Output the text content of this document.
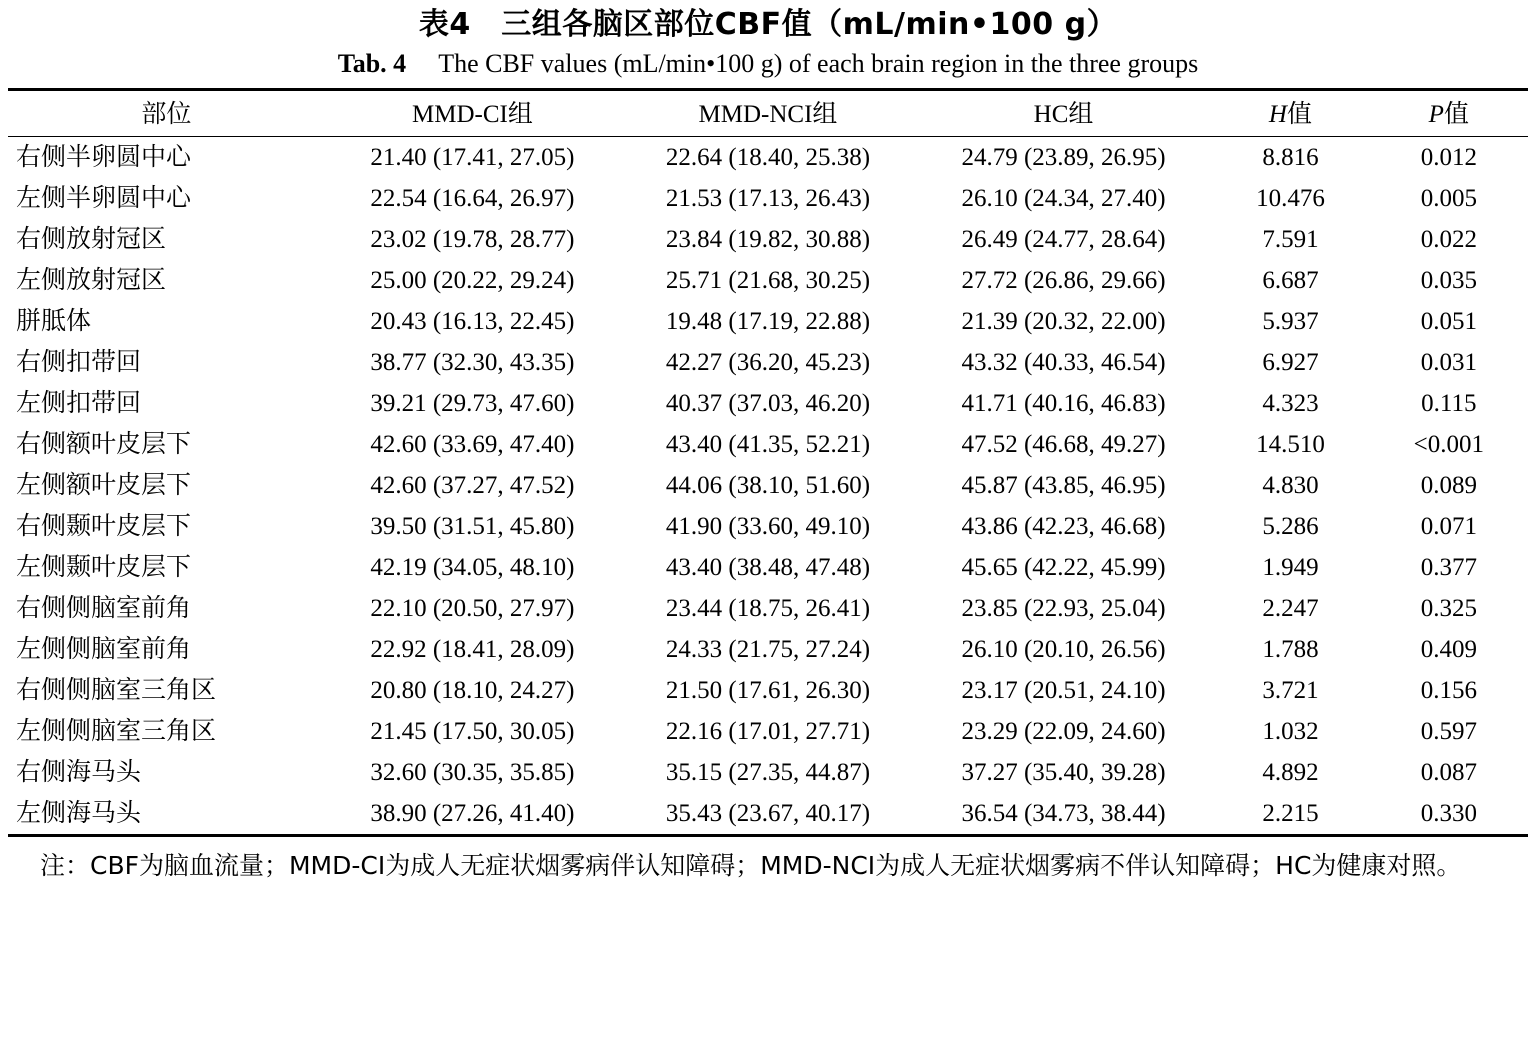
表4　三组各脑区部位CBF值（mL/min•100 g）
Tab. 4 The CBF values (mL/min•100 g) of each brain region in the three groups
部位	MMD-CI组	MMD-NCI组	HC组	H值	P值
右侧半卵圆中心	21.40 (17.41, 27.05)	22.64 (18.40, 25.38)	24.79 (23.89, 26.95)	8.816	0.012
左侧半卵圆中心	22.54 (16.64, 26.97)	21.53 (17.13, 26.43)	26.10 (24.34, 27.40)	10.476	0.005
右侧放射冠区	23.02 (19.78, 28.77)	23.84 (19.82, 30.88)	26.49 (24.77, 28.64)	7.591	0.022
左侧放射冠区	25.00 (20.22, 29.24)	25.71 (21.68, 30.25)	27.72 (26.86, 29.66)	6.687	0.035
胼胝体	20.43 (16.13, 22.45)	19.48 (17.19, 22.88)	21.39 (20.32, 22.00)	5.937	0.051
右侧扣带回	38.77 (32.30, 43.35)	42.27 (36.20, 45.23)	43.32 (40.33, 46.54)	6.927	0.031
左侧扣带回	39.21 (29.73, 47.60)	40.37 (37.03, 46.20)	41.71 (40.16, 46.83)	4.323	0.115
右侧额叶皮层下	42.60 (33.69, 47.40)	43.40 (41.35, 52.21)	47.52 (46.68, 49.27)	14.510	<0.001
左侧额叶皮层下	42.60 (37.27, 47.52)	44.06 (38.10, 51.60)	45.87 (43.85, 46.95)	4.830	0.089
右侧颞叶皮层下	39.50 (31.51, 45.80)	41.90 (33.60, 49.10)	43.86 (42.23, 46.68)	5.286	0.071
左侧颞叶皮层下	42.19 (34.05, 48.10)	43.40 (38.48, 47.48)	45.65 (42.22, 45.99)	1.949	0.377
右侧侧脑室前角	22.10 (20.50, 27.97)	23.44 (18.75, 26.41)	23.85 (22.93, 25.04)	2.247	0.325
左侧侧脑室前角	22.92 (18.41, 28.09)	24.33 (21.75, 27.24)	26.10 (20.10, 26.56)	1.788	0.409
右侧侧脑室三角区	20.80 (18.10, 24.27)	21.50 (17.61, 26.30)	23.17 (20.51, 24.10)	3.721	0.156
左侧侧脑室三角区	21.45 (17.50, 30.05)	22.16 (17.01, 27.71)	23.29 (22.09, 24.60)	1.032	0.597
右侧海马头	32.60 (30.35, 35.85)	35.15 (27.35, 44.87)	37.27 (35.40, 39.28)	4.892	0.087
左侧海马头	38.90 (27.26, 41.40)	35.43 (23.67, 40.17)	36.54 (34.73, 38.44)	2.215	0.330
注：CBF为脑血流量；MMD-CI为成人无症状烟雾病伴认知障碍；MMD-NCI为成人无症状烟雾病不伴认知障碍；HC为健康对照。
